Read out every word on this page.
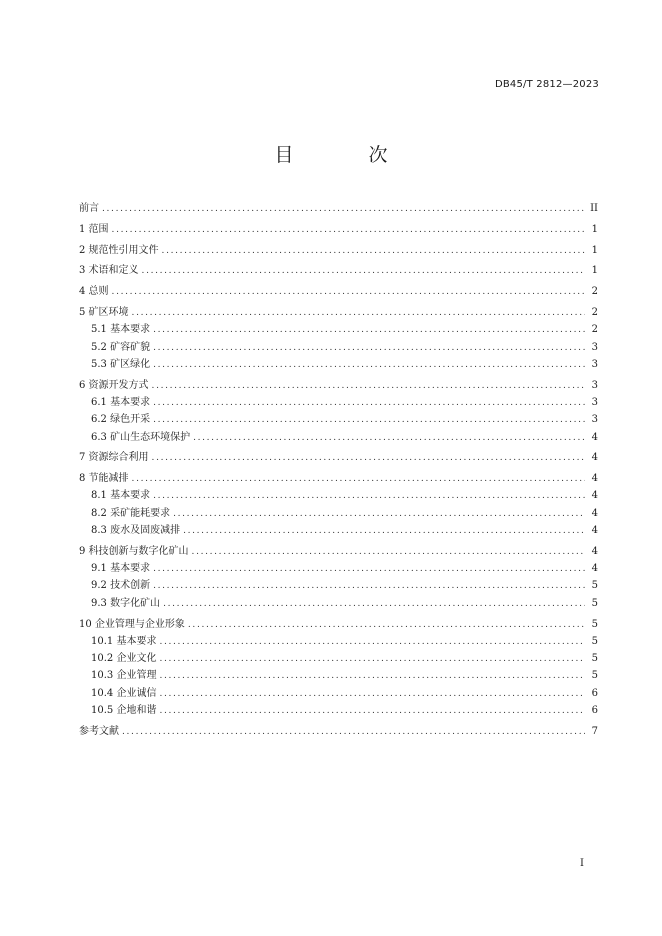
DB45/T 2812—2023
目　次
前言 . . .	II
1 范围 . . .	1
2 规范性引用文件 . . .	1
3 术语和定义 . . .	1
4 总则 . . .	2
5 矿区环境 . . .	2
5.1 基本要求 . . .	2
5.2 矿容矿貌 . . .	3
5.3 矿区绿化 . . .	3
6 资源开发方式 . . .	3
6.1 基本要求 . . .	3
6.2 绿色开采 . . .	3
6.3 矿山生态环境保护 . . .	4
7 资源综合利用 . . .	4
8 节能减排 . . .	4
8.1 基本要求 . . .	4
8.2 采矿能耗要求 . . .	4
8.3 废水及固废减排 . . .	4
9 科技创新与数字化矿山 . . .	4
9.1 基本要求 . . .	4
9.2 技术创新 . . .	5
9.3 数字化矿山 . . .	5
10 企业管理与企业形象 . . .	5
10.1 基本要求 . . .	5
10.2 企业文化 . . .	5
10.3 企业管理 . . .	5
10.4 企业诚信 . . .	6
10.5 企地和谐 . . .	6
参考文献 . . .	7
I
